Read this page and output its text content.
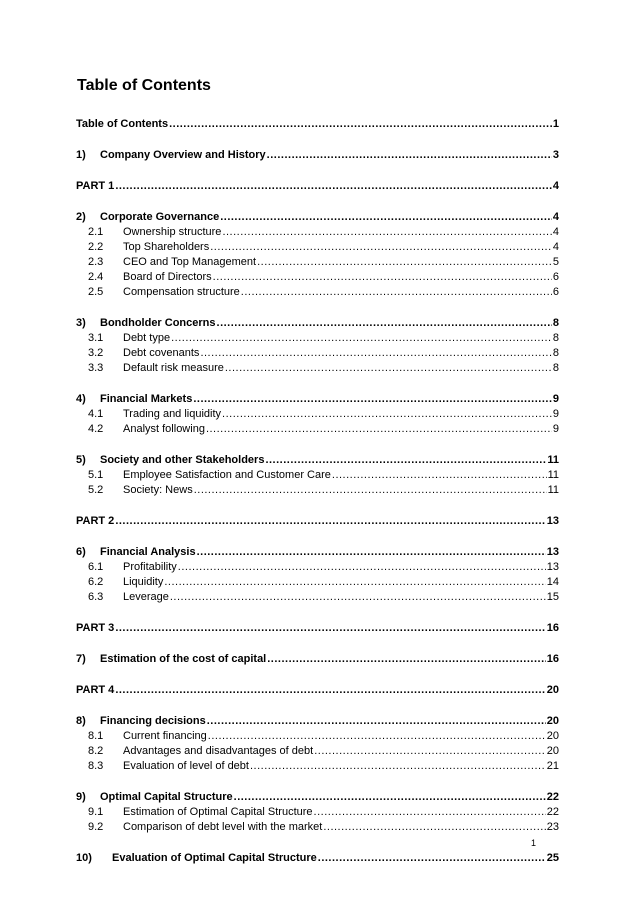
Table of Contents
Table of Contents .....	1
1)	Company Overview and History .....	3
PART 1 .....	4
2)	Corporate Governance .....	4
2.1	Ownership structure .....	4
2.2	Top Shareholders .....	4
2.3	CEO and Top Management .....	5
2.4	Board of Directors .....	6
2.5	Compensation structure .....	6
3)	Bondholder Concerns .....	8
3.1	Debt type .....	8
3.2	Debt covenants .....	8
3.3	Default risk measure .....	8
4)	Financial Markets .....	9
4.1	Trading and liquidity .....	9
4.2	Analyst following .....	9
5)	Society and other Stakeholders .....	11
5.1	Employee Satisfaction and Customer Care .....	11
5.2	Society: News .....	11
PART 2 .....	13
6)	Financial Analysis .....	13
6.1	Profitability .....	13
6.2	Liquidity .....	14
6.3	Leverage .....	15
PART 3 .....	16
7)	Estimation of the cost of capital .....	16
PART 4 .....	20
8)	Financing decisions .....	20
8.1	Current financing .....	20
8.2	Advantages and disadvantages of debt .....	20
8.3	Evaluation of level of debt .....	21
9)	Optimal Capital Structure .....	22
9.1	Estimation of Optimal Capital Structure .....	22
9.2	Comparison of debt level with the market .....	23
10)	Evaluation of Optimal Capital Structure .....	25
1
